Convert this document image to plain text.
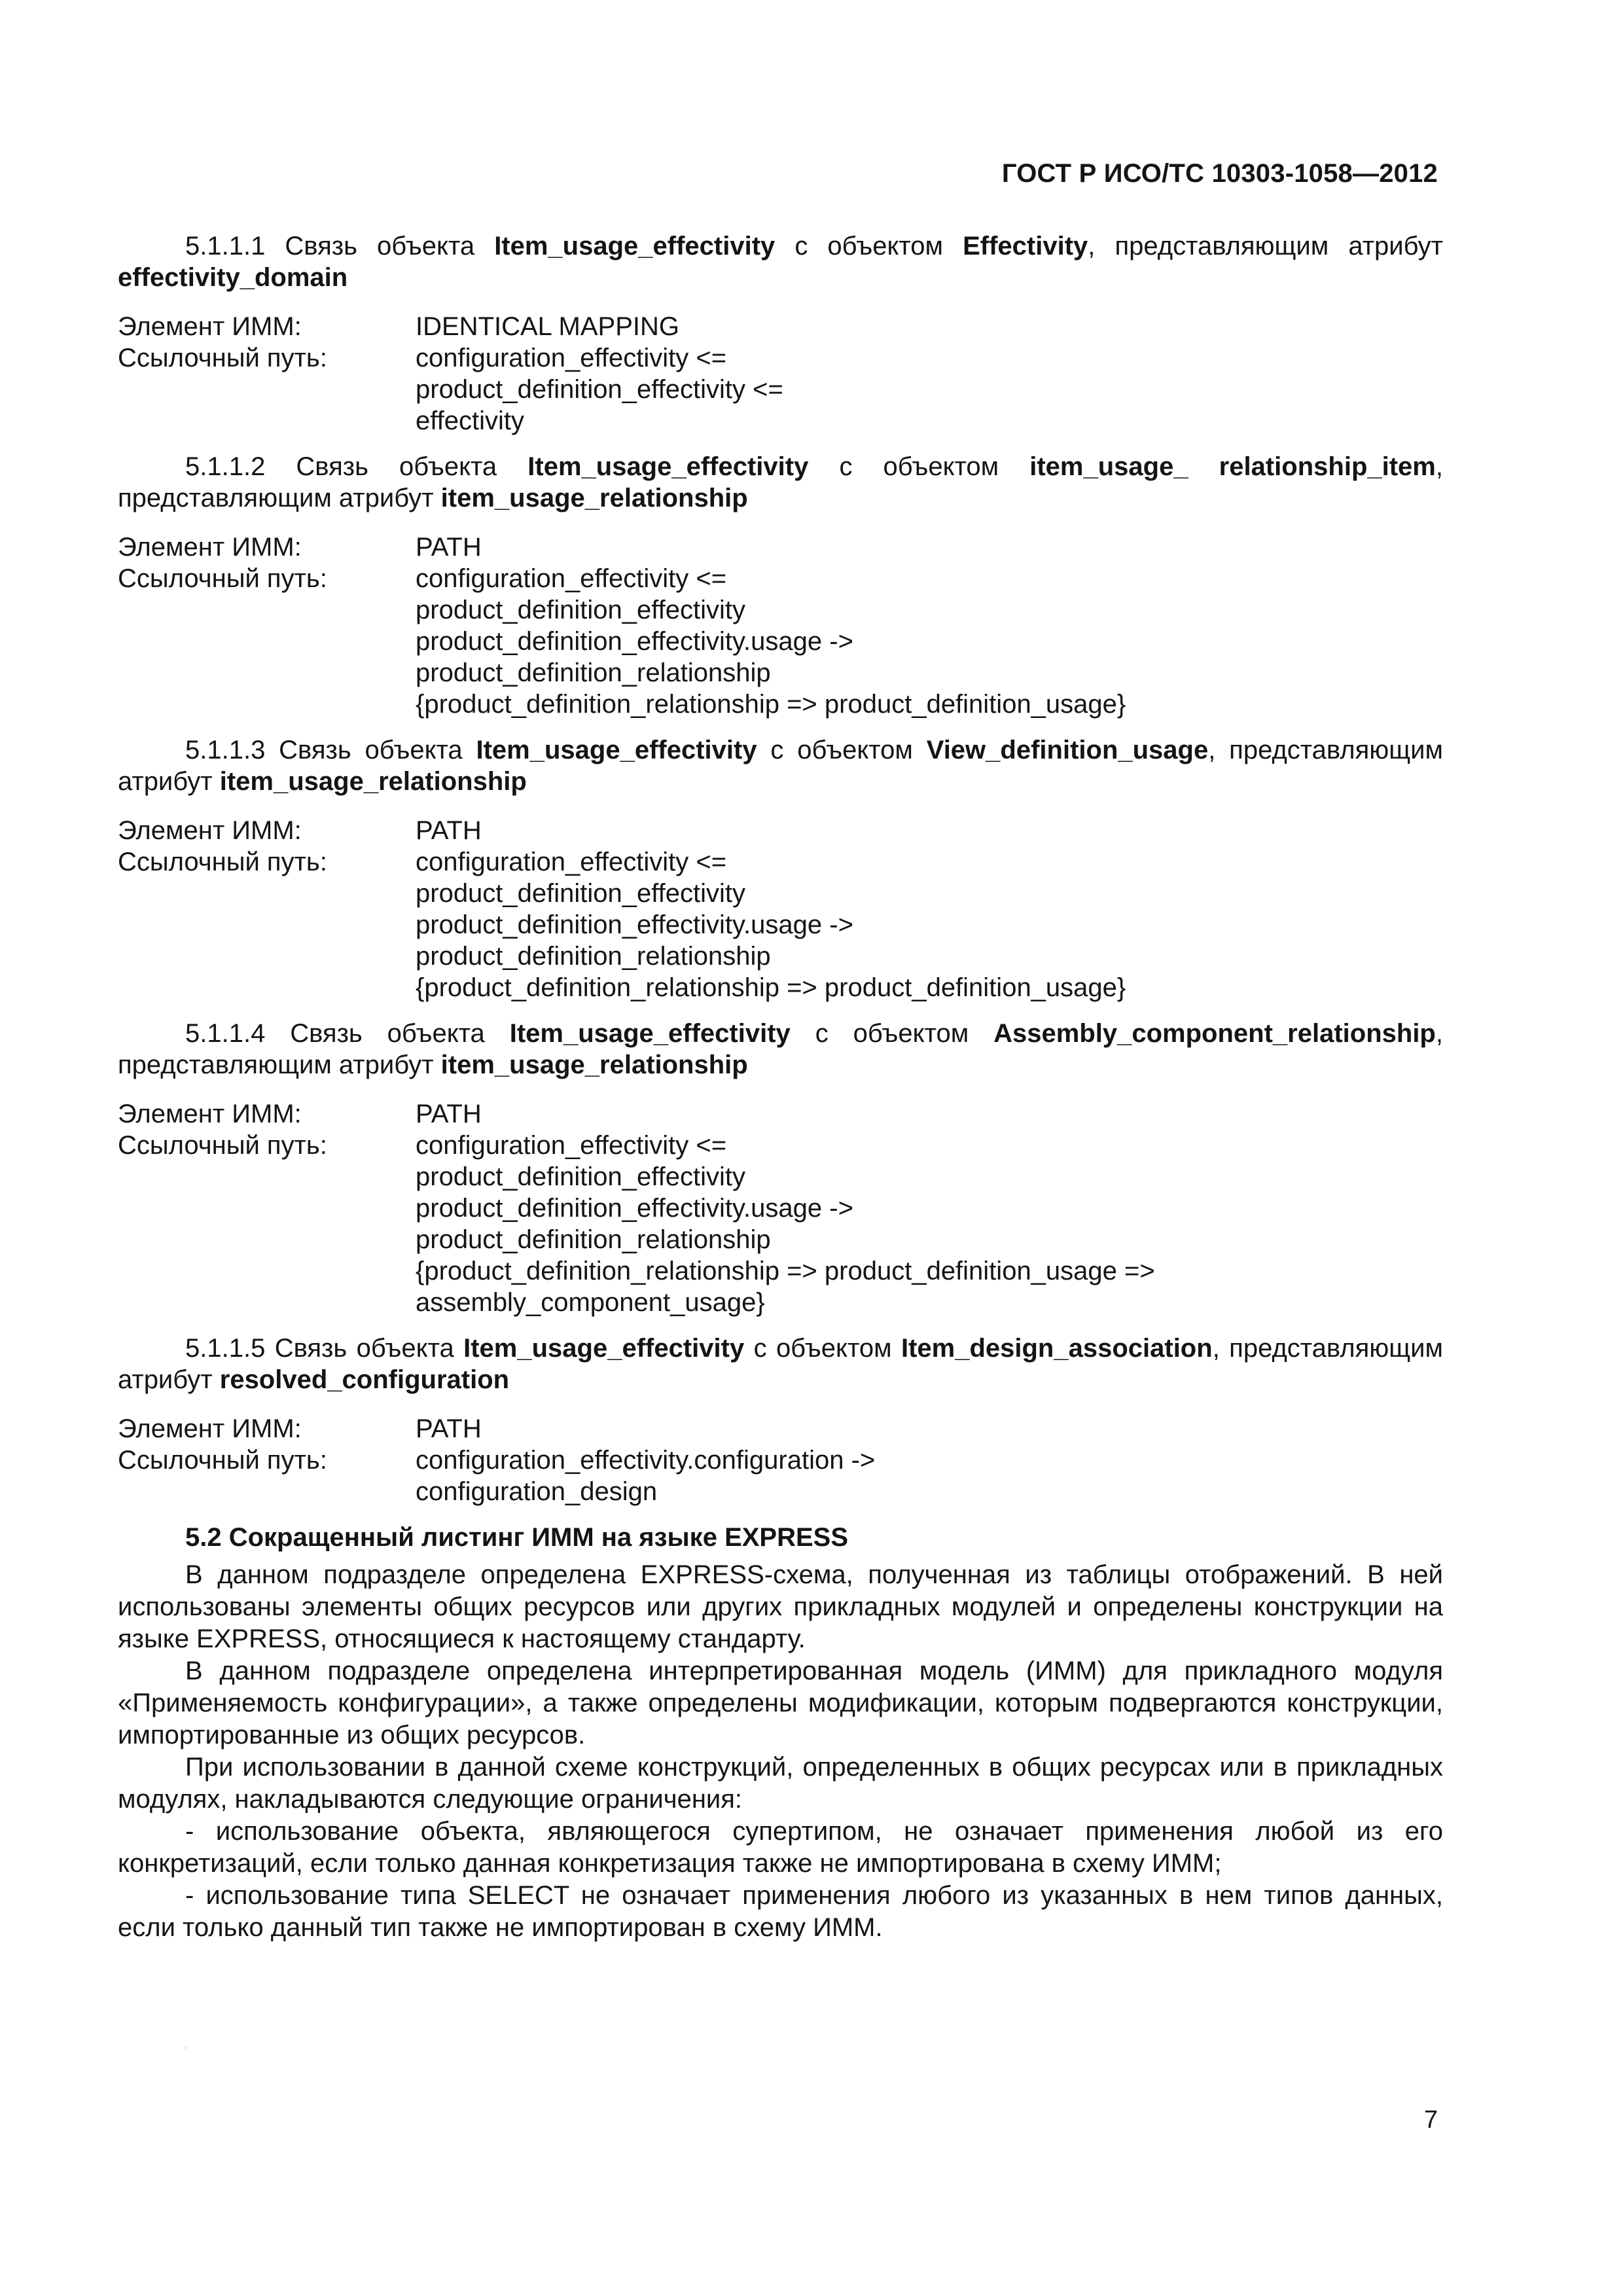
ГОСТ Р ИСО/ТС 10303-1058—2012

5.1.1.1 Связь объекта Item_usage_effectivity с объектом Effectivity, представляющим атрибут effectivity_domain

Элемент ИММ:	IDENTICAL MAPPING
Ссылочный путь:	configuration_effectivity <=
product_definition_effectivity <=
effectivity

5.1.1.2 Связь объекта Item_usage_effectivity с объектом item_usage_ relationship_item, представляющим атрибут item_usage_relationship

Элемент ИММ:	PATH
Ссылочный путь:	configuration_effectivity <=
product_definition_effectivity
product_definition_effectivity.usage ->
product_definition_relationship
{product_definition_relationship => product_definition_usage}

5.1.1.3 Связь объекта Item_usage_effectivity с объектом View_definition_usage, представляющим атрибут item_usage_relationship

Элемент ИММ:	PATH
Ссылочный путь:	configuration_effectivity <=
product_definition_effectivity
product_definition_effectivity.usage ->
product_definition_relationship
{product_definition_relationship => product_definition_usage}

5.1.1.4 Связь объекта Item_usage_effectivity с объектом Assembly_component_relationship, представляющим атрибут item_usage_relationship

Элемент ИММ:	PATH
Ссылочный путь:	configuration_effectivity <=
product_definition_effectivity
product_definition_effectivity.usage ->
product_definition_relationship
{product_definition_relationship => product_definition_usage =>
assembly_component_usage}

5.1.1.5 Связь объекта Item_usage_effectivity с объектом Item_design_association, представляющим атрибут resolved_configuration

Элемент ИММ:	PATH
Ссылочный путь:	configuration_effectivity.configuration ->
configuration_design

5.2 Сокращенный листинг ИММ на языке EXPRESS

В данном подразделе определена EXPRESS-схема, полученная из таблицы отображений. В ней использованы элементы общих ресурсов или других прикладных модулей и определены конструкции на языке EXPRESS, относящиеся к настоящему стандарту.

В данном подразделе определена интерпретированная модель (ИММ) для прикладного модуля «Применяемость конфигурации», а также определены модификации, которым подвергаются конструкции, импортированные из общих ресурсов.

При использовании в данной схеме конструкций, определенных в общих ресурсах или в прикладных модулях, накладываются следующие ограничения:

- использование объекта, являющегося супертипом, не означает применения любой из его конкретизаций, если только данная конкретизация также не импортирована в схему ИММ;

- использование типа SELECT не означает применения любого из указанных в нем типов данных, если только данный тип также не импортирован в схему ИММ.

7
